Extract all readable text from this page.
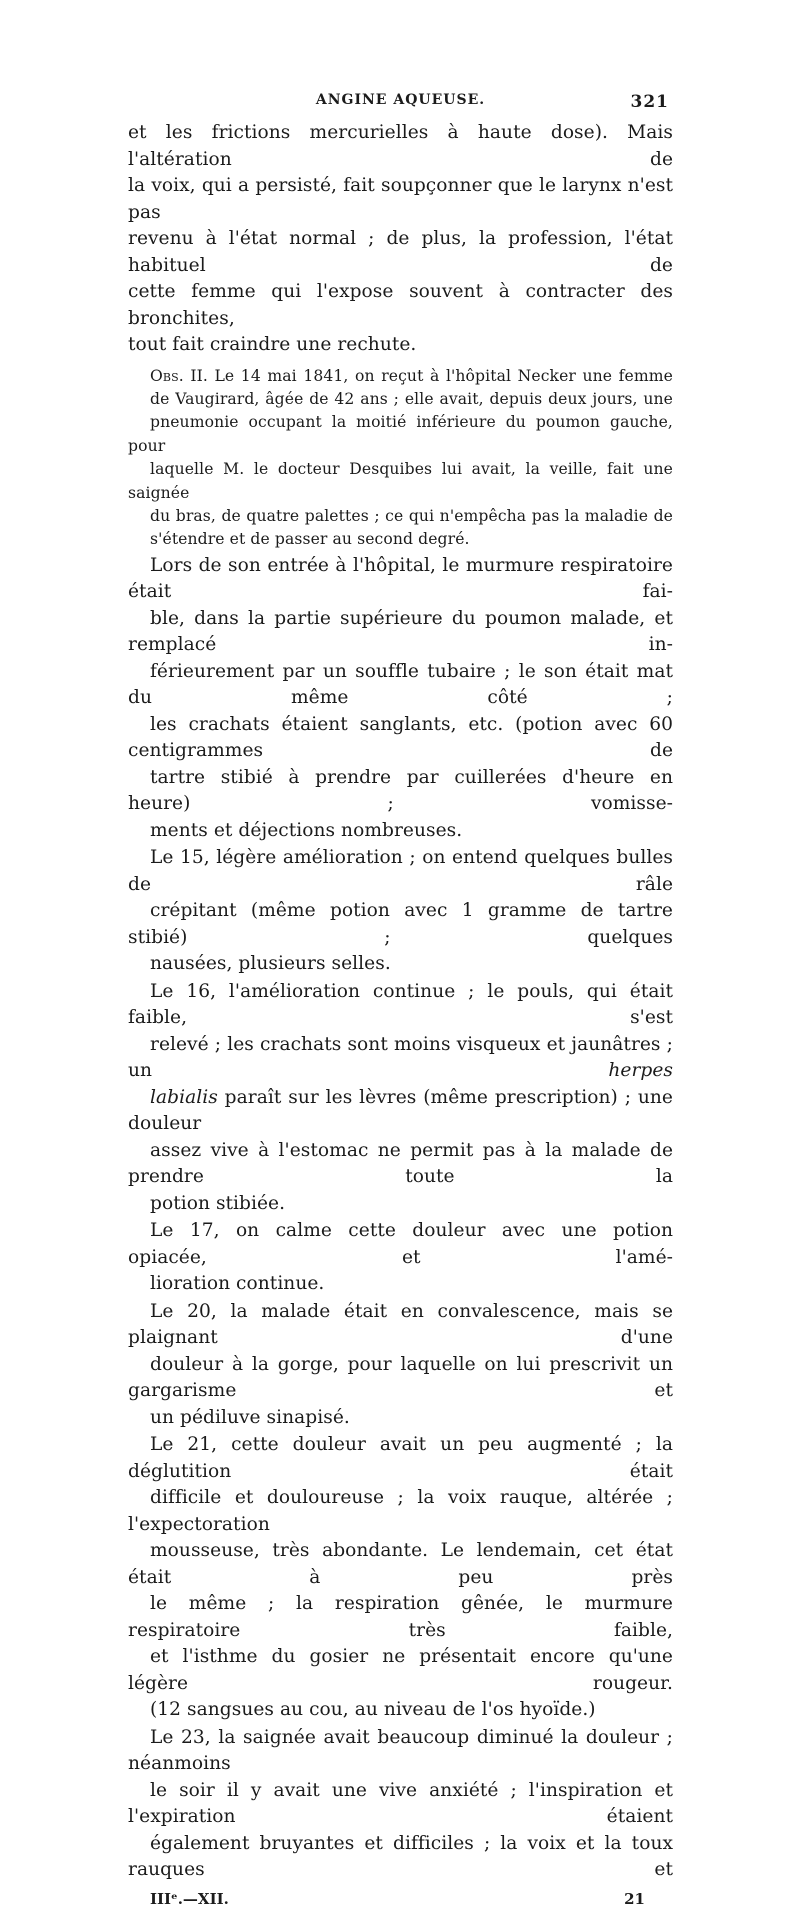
ANGINE AQUEUSE.	321

et les frictions mercurielles à haute dose). Mais l'altération de
la voix, qui a persisté, fait soupçonner que le larynx n'est pas
revenu à l'état normal ; de plus, la profession, l'état habituel de
cette femme qui l'expose souvent à contracter des bronchites,
tout fait craindre une rechute.

Obs. II. Le 14 mai 1841, on reçut à l'hôpital Necker une femme
de Vaugirard, âgée de 42 ans ; elle avait, depuis deux jours, une
pneumonie occupant la moitié inférieure du poumon gauche, pour
laquelle M. le docteur Desquibes lui avait, la veille, fait une saignée
du bras, de quatre palettes ; ce qui n'empêcha pas la maladie de
s'étendre et de passer au second degré.

Lors de son entrée à l'hôpital, le murmure respiratoire était fai-
ble, dans la partie supérieure du poumon malade, et remplacé in-
férieurement par un souffle tubaire ; le son était mat du même côté ;
les crachats étaient sanglants, etc. (potion avec 60 centigrammes de
tartre stibié à prendre par cuillerées d'heure en heure) ; vomisse-
ments et déjections nombreuses.

Le 15, légère amélioration ; on entend quelques bulles de râle
crépitant (même potion avec 1 gramme de tartre stibié) ; quelques
nausées, plusieurs selles.

Le 16, l'amélioration continue ; le pouls, qui était faible, s'est
relevé ; les crachats sont moins visqueux et jaunâtres ; un herpes
labialis paraît sur les lèvres (même prescription) ; une douleur
assez vive à l'estomac ne permit pas à la malade de prendre toute la
potion stibiée.

Le 17, on calme cette douleur avec une potion opiacée, et l'amé-
lioration continue.

Le 20, la malade était en convalescence, mais se plaignant d'une
douleur à la gorge, pour laquelle on lui prescrivit un gargarisme et
un pédiluve sinapisé.

Le 21, cette douleur avait un peu augmenté ; la déglutition était
difficile et douloureuse ; la voix rauque, altérée ; l'expectoration
mousseuse, très abondante. Le lendemain, cet état était à peu près
le même ; la respiration gênée, le murmure respiratoire très faible,
et l'isthme du gosier ne présentait encore qu'une légère rougeur.
(12 sangsues au cou, au niveau de l'os hyoïde.)

Le 23, la saignée avait beaucoup diminué la douleur ; néanmoins
le soir il y avait une vive anxiété ; l'inspiration et l'expiration étaient
également bruyantes et difficiles ; la voix et la toux rauques et

IIIᵉ.—XII.	21
